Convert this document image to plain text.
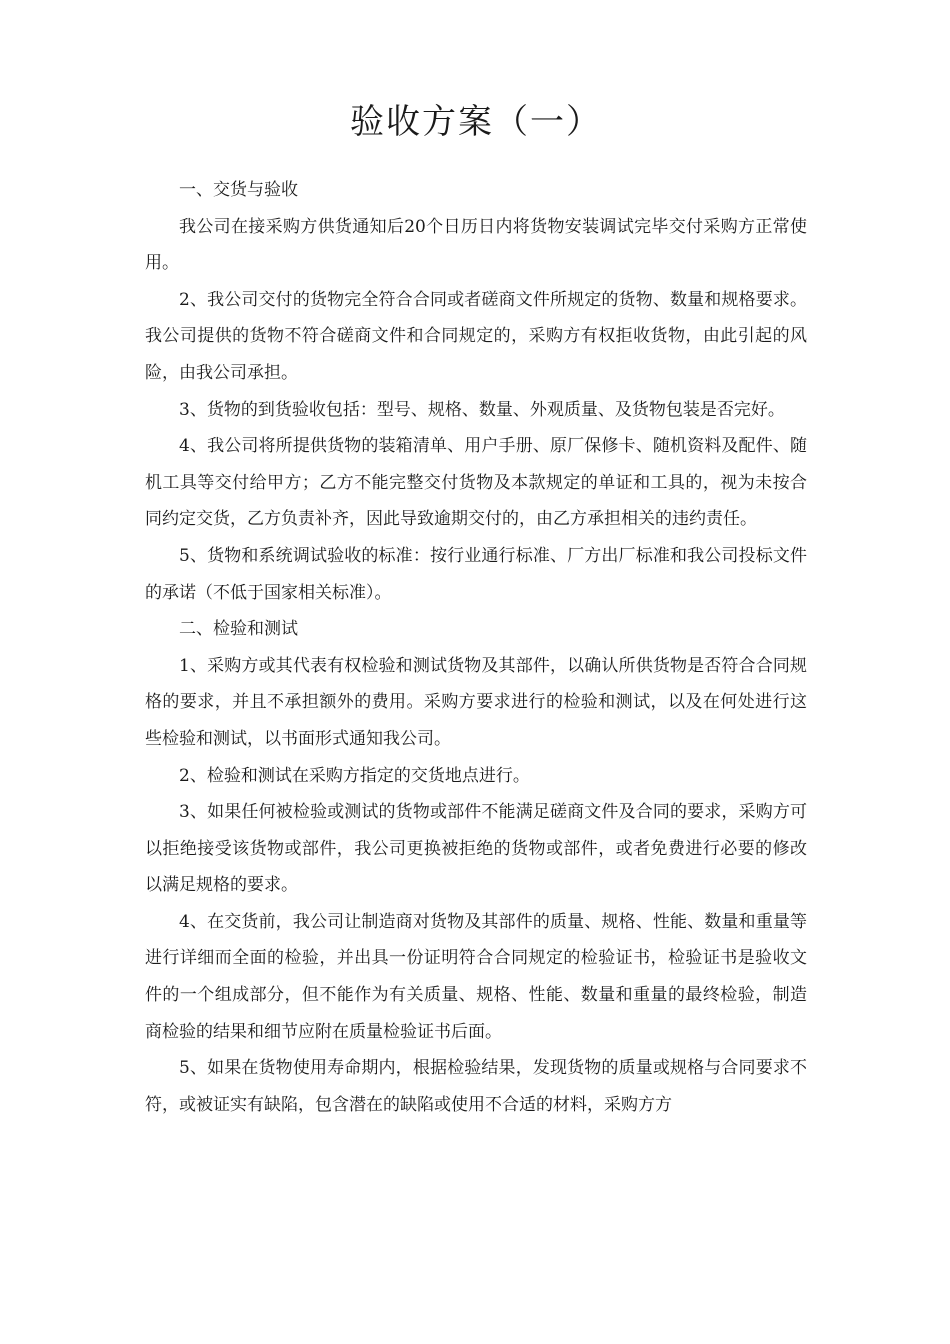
验收方案（一）

一、交货与验收

我公司在接采购方供货通知后20个日历日内将货物安装调试完毕交付采购方正常使用。

2、我公司交付的货物完全符合合同或者磋商文件所规定的货物、数量和规格要求。我公司提供的货物不符合磋商文件和合同规定的，采购方有权拒收货物，由此引起的风险，由我公司承担。

3、货物的到货验收包括：型号、规格、数量、外观质量、及货物包装是否完好。

4、我公司将所提供货物的装箱清单、用户手册、原厂保修卡、随机资料及配件、随机工具等交付给甲方；乙方不能完整交付货物及本款规定的单证和工具的，视为未按合同约定交货，乙方负责补齐，因此导致逾期交付的，由乙方承担相关的违约责任。

5、货物和系统调试验收的标准：按行业通行标准、厂方出厂标准和我公司投标文件的承诺（不低于国家相关标准）。

二、检验和测试

1、采购方或其代表有权检验和测试货物及其部件，以确认所供货物是否符合合同规格的要求，并且不承担额外的费用。采购方要求进行的检验和测试，以及在何处进行这些检验和测试，以书面形式通知我公司。

2、检验和测试在采购方指定的交货地点进行。

3、如果任何被检验或测试的货物或部件不能满足磋商文件及合同的要求，采购方可以拒绝接受该货物或部件，我公司更换被拒绝的货物或部件，或者免费进行必要的修改以满足规格的要求。

4、在交货前，我公司让制造商对货物及其部件的质量、规格、性能、数量和重量等进行详细而全面的检验，并出具一份证明符合合同规定的检验证书，检验证书是验收文件的一个组成部分，但不能作为有关质量、规格、性能、数量和重量的最终检验，制造商检验的结果和细节应附在质量检验证书后面。

5、如果在货物使用寿命期内，根据检验结果，发现货物的质量或规格与合同要求不符，或被证实有缺陷，包含潜在的缺陷或使用不合适的材料，采购方方
